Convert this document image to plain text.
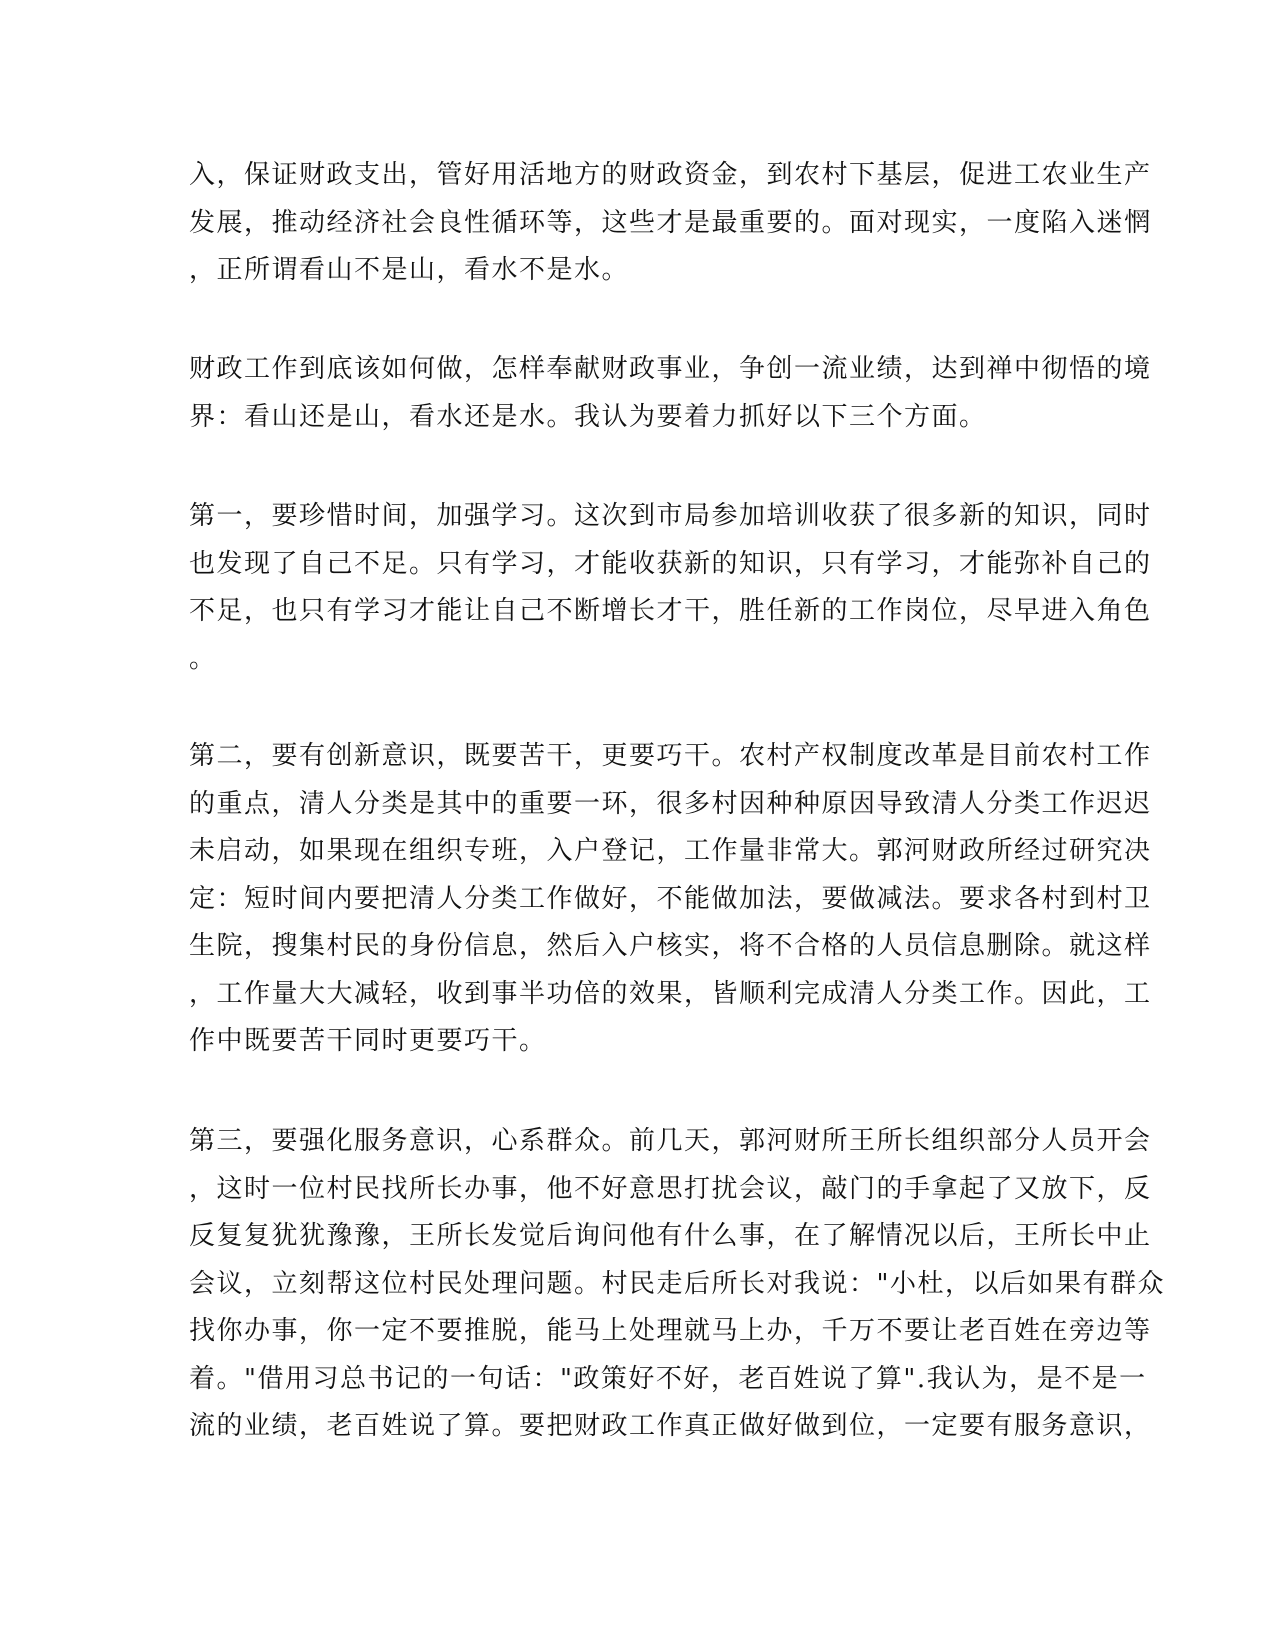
入，保证财政支出，管好用活地方的财政资金，到农村下基层，促进工农业生产
发展，推动经济社会良性循环等，这些才是最重要的。面对现实，一度陷入迷惘
，正所谓看山不是山，看水不是水。
财政工作到底该如何做，怎样奉献财政事业，争创一流业绩，达到禅中彻悟的境
界：看山还是山，看水还是水。我认为要着力抓好以下三个方面。
第一，要珍惜时间，加强学习。这次到市局参加培训收获了很多新的知识，同时
也发现了自己不足。只有学习，才能收获新的知识，只有学习，才能弥补自己的
不足，也只有学习才能让自己不断增长才干，胜任新的工作岗位，尽早进入角色
。
第二，要有创新意识，既要苦干，更要巧干。农村产权制度改革是目前农村工作
的重点，清人分类是其中的重要一环，很多村因种种原因导致清人分类工作迟迟
未启动，如果现在组织专班，入户登记，工作量非常大。郭河财政所经过研究决
定：短时间内要把清人分类工作做好，不能做加法，要做减法。要求各村到村卫
生院，搜集村民的身份信息，然后入户核实，将不合格的人员信息删除。就这样
，工作量大大减轻，收到事半功倍的效果，皆顺利完成清人分类工作。因此，工
作中既要苦干同时更要巧干。
第三，要强化服务意识，心系群众。前几天，郭河财所王所长组织部分人员开会
，这时一位村民找所长办事，他不好意思打扰会议，敲门的手拿起了又放下，反
反复复犹犹豫豫，王所长发觉后询问他有什么事，在了解情况以后，王所长中止
会议，立刻帮这位村民处理问题。村民走后所长对我说："小杜，以后如果有群众
找你办事，你一定不要推脱，能马上处理就马上办，千万不要让老百姓在旁边等
着。"借用习总书记的一句话："政策好不好，老百姓说了算".我认为，是不是一
流的业绩，老百姓说了算。要把财政工作真正做好做到位，一定要有服务意识，
